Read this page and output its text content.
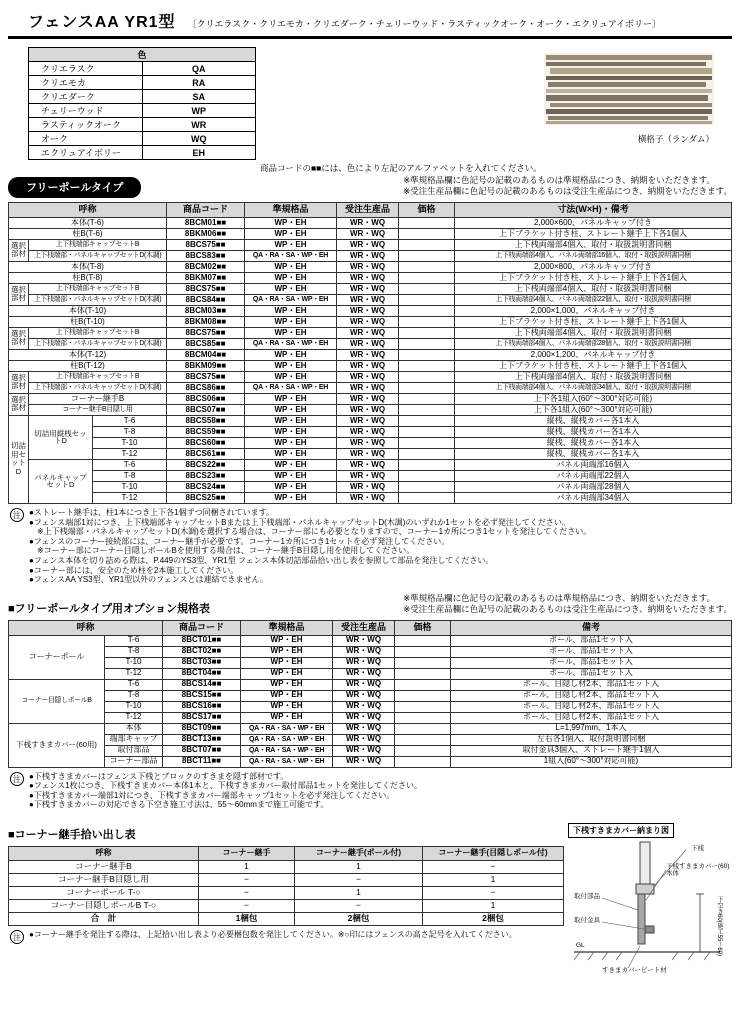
フェンスAA YR1型 〔クリエラスク・クリエモカ・クリエダーク・チェリーウッド・ラスティックオーク・オーク・エクリュアイボリー〕
色	
クリエラスク	QA
クリエモカ	RA
クリエダーク	SA
チェリーウッド	WP
ラスティックオーク	WR
オーク	WQ
エクリュアイボリー	EH
商品コードの■■には、色により左記のアルファベットを入れてください。
横格子（ランダム）
フリーポールタイプ
※準規格品欄に色記号の記載のあるものは準規格品につき、納期をいただきます。
※受注生産品欄に色記号の記載のあるものは受注生産品につき、納期をいただきます。
呼称			商品コード	準規格品	受注生産品	価格	寸法(W×H)・備考
本体(T-6)			8BCM01■■	WP・EH	WR・WQ		2,000×600、パネルキャップ付き
柱B(T-6)			8BKM06■■	WP・EH	WR・WQ		上下ブラケット付き柱、ストレート継手上下各1個入
選択部材	上下桟端部キャップセットB		8BCS75■■	WP・EH	WR・WQ		上下桟両端部4個入、取付・取扱説明書同梱
	上下桟端部・パネルキャップセットD(木調)		8BCS83■■	QA・RA・SA・WP・EH	WR・WQ		上下桟両端部4個入、パネル両端部16個入、取付・取扱説明書同梱
本体(T-8)			8BCM02■■	WP・EH	WR・WQ		2,000×800、パネルキャップ付き
柱B(T-8)			8BKM07■■	WP・EH	WR・WQ		上下ブラケット付き柱、ストレート継手上下各1個入
選択部材	上下桟端部キャップセットB		8BCS75■■	WP・EH	WR・WQ		上下桟両端部4個入、取付・取扱説明書同梱
	上下桟端部・パネルキャップセットD(木調)		8BCS84■■	QA・RA・SA・WP・EH	WR・WQ		上下桟両端部4個入、パネル両端部22個入、取付・取扱説明書同梱
本体(T-10)			8BCM03■■	WP・EH	WR・WQ		2,000×1,000、パネルキャップ付き
柱B(T-10)			8BKM08■■	WP・EH	WR・WQ		上下ブラケット付き柱、ストレート継手上下各1個入
選択部材	上下桟端部キャップセットB		8BCS75■■	WP・EH	WR・WQ		上下桟両端部4個入、取付・取扱説明書同梱
	上下桟端部・パネルキャップセットD(木調)		8BCS85■■	QA・RA・SA・WP・EH	WR・WQ		上下桟両端部4個入、パネル両端部28個入、取付・取扱説明書同梱
本体(T-12)			8BCM04■■	WP・EH	WR・WQ		2,000×1,200、パネルキャップ付き
柱B(T-12)			8BKM09■■	WP・EH	WR・WQ		上下ブラケット付き柱、ストレート継手上下各1個入
選択部材	上下桟端部キャップセットB		8BCS75■■	WP・EH	WR・WQ		上下桟両端部4個入、取付・取扱説明書同梱
	上下桟端部・パネルキャップセットD(木調)		8BCS86■■	QA・RA・SA・WP・EH	WR・WQ		上下桟両端部4個入、パネル両端部34個入、取付・取扱説明書同梱
選択部材	コーナー継手B		8BCS06■■	WP・EH	WR・WQ		上下各1組入(60°〜300°対応可能)
	コーナー継手B目隠し用		8BCS07■■	WP・EH	WR・WQ		上下各1組入(60°〜300°対応可能)
切詰用セットD	切詰用縦桟セットD	T-6	8BCS58■■	WP・EH	WR・WQ		縦桟、縦桟カバー各1本入
		T-8	8BCS59■■	WP・EH	WR・WQ		縦桟、縦桟カバー各1本入
		T-10	8BCS60■■	WP・EH	WR・WQ		縦桟、縦桟カバー各1本入
		T-12	8BCS61■■	WP・EH	WR・WQ		縦桟、縦桟カバー各1本入
	パネルキャップセットD	T-6	8BCS22■■	WP・EH	WR・WQ		パネル両端部16個入
		T-8	8BCS23■■	WP・EH	WR・WQ		パネル両端部22個入
		T-10	8BCS24■■	WP・EH	WR・WQ		パネル両端部28個入
		T-12	8BCS25■■	WP・EH	WR・WQ		パネル両端部34個入
注	●ストレート継手は、柱1本につき上下各1個ずつ同梱されています。
●フェンス端部1対につき、上下桟端部キャップセットBまたは上下桟端部・パネルキャップセットD(木調)のいずれか1セットを必ず発注してください。
　※上下桟端部・パネルキャップセットD(木調)を選択する場合は、コーナー部にも必要となりますので、コーナー1カ所につき1セットを発注してください。
●フェンスのコーナー接続部には、コーナー継手が必要です。コーナー1カ所につき1セットを必ず発注してください。
　※コーナー部にコーナー目隠しポールBを使用する場合は、コーナー継手B目隠し用を使用してください。
●フェンス本体を切り詰める際は、P.449のYS3型、YR1型 フェンス本体切詰部品拾い出し表を参照して部品を発注してください。
●コーナー部には、安全のため柱を2本施工してください。
●フェンスAA YS3型、YR1型以外のフェンスとは連結できません。
■フリーポールタイプ用オプション規格表
※準規格品欄に色記号の記載のあるものは準規格品につき、納期をいただきます。
※受注生産品欄に色記号の記載のあるものは受注生産品につき、納期をいただきます。
呼称		商品コード	準規格品	受注生産品	価格	備考
コーナーポール	T-6	8BCT01■■	WP・EH	WR・WQ		ポール、部品1セット入
	T-8	8BCT02■■	WP・EH	WR・WQ		ポール、部品1セット入
	T-10	8BCT03■■	WP・EH	WR・WQ		ポール、部品1セット入
	T-12	8BCT04■■	WP・EH	WR・WQ		ポール、部品1セット入
コーナー目隠しポールB	T-6	8BCS14■■	WP・EH	WR・WQ		ポール、目隠し材2本、部品1セット入
	T-8	8BCS15■■	WP・EH	WR・WQ		ポール、目隠し材2本、部品1セット入
	T-10	8BCS16■■	WP・EH	WR・WQ		ポール、目隠し材2本、部品1セット入
	T-12	8BCS17■■	WP・EH	WR・WQ		ポール、目隠し材2本、部品1セット入
下桟すきまカバー(60用)	本体	8BCT09■■	QA・RA・SA・WP・EH	WR・WQ		L=1,997mm、1本入
	端部キャップ	8BCT13■■	QA・RA・SA・WP・EH	WR・WQ		左右各1個入、取付説明書同梱
	取付部品	8BCT07■■	QA・RA・SA・WP・EH	WR・WQ		取付金具3個入、ストレート継手1個入
	コーナー部品	8BCT11■■	QA・RA・SA・WP・EH	WR・WQ		1組入(60°〜300°対応可能)
注	●下桟すきまカバーはフェンス下桟とブロックのすきまを隠す部材です。
●フェンス1枚につき、下桟すきまカバー本体1本と、下桟すきまカバー取付部品1セットを発注してください。
●下桟すきまカバー端部1対につき、下桟すきまカバー端部キャップ1セットを必ず発注してください。
●下桟すきまカバーの対応できる下空き施工寸法は、55〜60mmまで施工可能です。
■コーナー継手拾い出し表
呼称	コーナー継手	コーナー継手(ポール付)	コーナー継手(目隠しポール付)
コーナー継手B	1	1	−
コーナー継手B目隠し用	−	−	1
コーナーポール T-○	−	1	−
コーナー目隠しポールB T-○	−	−	1
合　計	1梱包	2梱包	2梱包
注	●コーナー継手を発注する際は、上記拾い出し表より必要梱包数を発注してください。※○印にはフェンスの高さ記号を入れてください。
下桟すきまカバー納まり図
下桟
下桟すきまカバー(60)本体
取付部品
取付金具
GL	下空き60(施工55〜60)
すきまカバービート材
